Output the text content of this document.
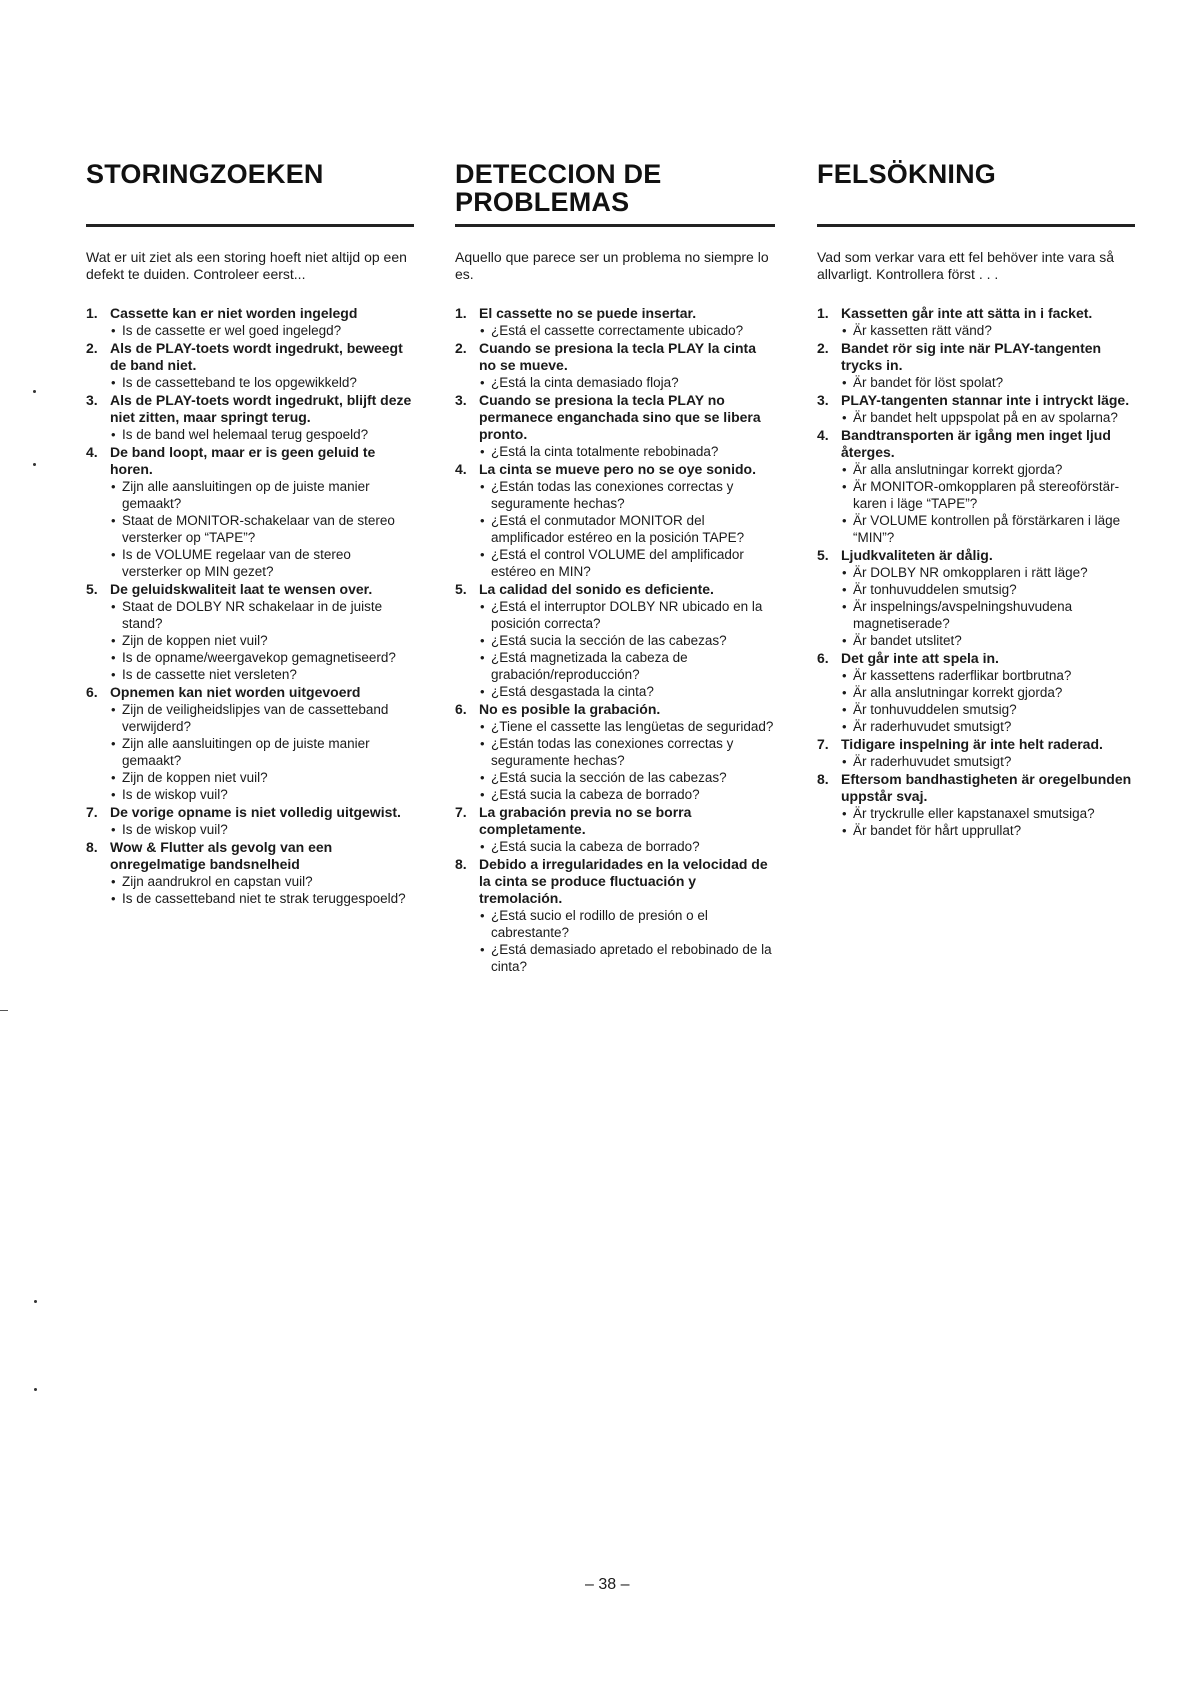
STORINGZOEKEN

Wat er uit ziet als een storing hoeft niet altijd op een defekt te duiden. Controleer eerst...

1. Cassette kan er niet worden ingelegd
• Is de cassette er wel goed ingelegd?
2. Als de PLAY-toets wordt ingedrukt, beweegt de band niet.
• Is de cassetteband te los opgewikkeld?
3. Als de PLAY-toets wordt ingedrukt, blijft deze niet zitten, maar springt terug.
• Is de band wel helemaal terug gespoeld?
4. De band loopt, maar er is geen geluid te horen.
• Zijn alle aansluitingen op de juiste manier gemaakt?
• Staat de MONITOR-schakelaar van de stereo versterker op “TAPE”?
• Is de VOLUME regelaar van de stereo versterker op MIN gezet?
5. De geluidskwaliteit laat te wensen over.
• Staat de DOLBY NR schakelaar in de juiste stand?
• Zijn de koppen niet vuil?
• Is de opname/weergavekop gemagnetiseerd?
• Is de cassette niet versleten?
6. Opnemen kan niet worden uitgevoerd
• Zijn de veiligheidslipjes van de cassetteband verwijderd?
• Zijn alle aansluitingen op de juiste manier gemaakt?
• Zijn de koppen niet vuil?
• Is de wiskop vuil?
7. De vorige opname is niet volledig uitgewist.
• Is de wiskop vuil?
8. Wow & Flutter als gevolg van een onregelmatige bandsnelheid
• Zijn aandrukrol en capstan vuil?
• Is de cassetteband niet te strak teruggespoeld?
DETECCION DE PROBLEMAS

Aquello que parece ser un problema no siempre lo es.

1. El cassette no se puede insertar.
• ¿Está el cassette correctamente ubicado?
2. Cuando se presiona la tecla PLAY la cinta no se mueve.
• ¿Está la cinta demasiado floja?
3. Cuando se presiona la tecla PLAY no permanece enganchada sino que se libera pronto.
• ¿Está la cinta totalmente rebobinada?
4. La cinta se mueve pero no se oye sonido.
• ¿Están todas las conexiones correctas y seguramente hechas?
• ¿Está el conmutador MONITOR del amplificador estéreo en la posición TAPE?
• ¿Está el control VOLUME del amplificador estéreo en MIN?
5. La calidad del sonido es deficiente.
• ¿Está el interruptor DOLBY NR ubicado en la posición correcta?
• ¿Está sucia la sección de las cabezas?
• ¿Está magnetizada la cabeza de grabación/reproducción?
• ¿Está desgastada la cinta?
6. No es posible la grabación.
• ¿Tiene el cassette las lengüetas de seguridad?
• ¿Están todas las conexiones correctas y seguramente hechas?
• ¿Está sucia la sección de las cabezas?
• ¿Está sucia la cabeza de borrado?
7. La grabación previa no se borra completamente.
• ¿Está sucia la cabeza de borrado?
8. Debido a irregularidades en la velocidad de la cinta se produce fluctuación y tremolación.
• ¿Está sucio el rodillo de presión o el cabrestante?
• ¿Está demasiado apretado el rebobinado de la cinta?
FELSÖKNING

Vad som verkar vara ett fel behöver inte vara så allvarligt. Kontrollera först . . .

1. Kassetten går inte att sätta in i facket.
• Är kassetten rätt vänd?
2. Bandet rör sig inte när PLAY-tangenten trycks in.
• Är bandet för löst spolat?
3. PLAY-tangenten stannar inte i intryckt läge.
• Är bandet helt uppspolat på en av spolarna?
4. Bandtransporten är igång men inget ljud återges.
• Är alla anslutningar korrekt gjorda?
• Är MONITOR-omkopplaren på stereoförstär-karen i läge “TAPE”?
• Är VOLUME kontrollen på förstärkaren i läge “MIN”?
5. Ljudkvaliteten är dålig.
• Är DOLBY NR omkopplaren i rätt läge?
• Är tonhuvuddelen smutsig?
• Är inspelnings/avspelningshuvudena magnetiserade?
• Är bandet utslitet?
6. Det går inte att spela in.
• Är kassettens raderflikar bortbrutna?
• Är alla anslutningar korrekt gjorda?
• Är tonhuvuddelen smutsig?
• Är raderhuvudet smutsigt?
7. Tidigare inspelning är inte helt raderad.
• Är raderhuvudet smutsigt?
8. Eftersom bandhastigheten är oregelbunden uppstår svaj.
• Är tryckrulle eller kapstanaxel smutsiga?
• Är bandet för hårt upprullat?
– 38 –
